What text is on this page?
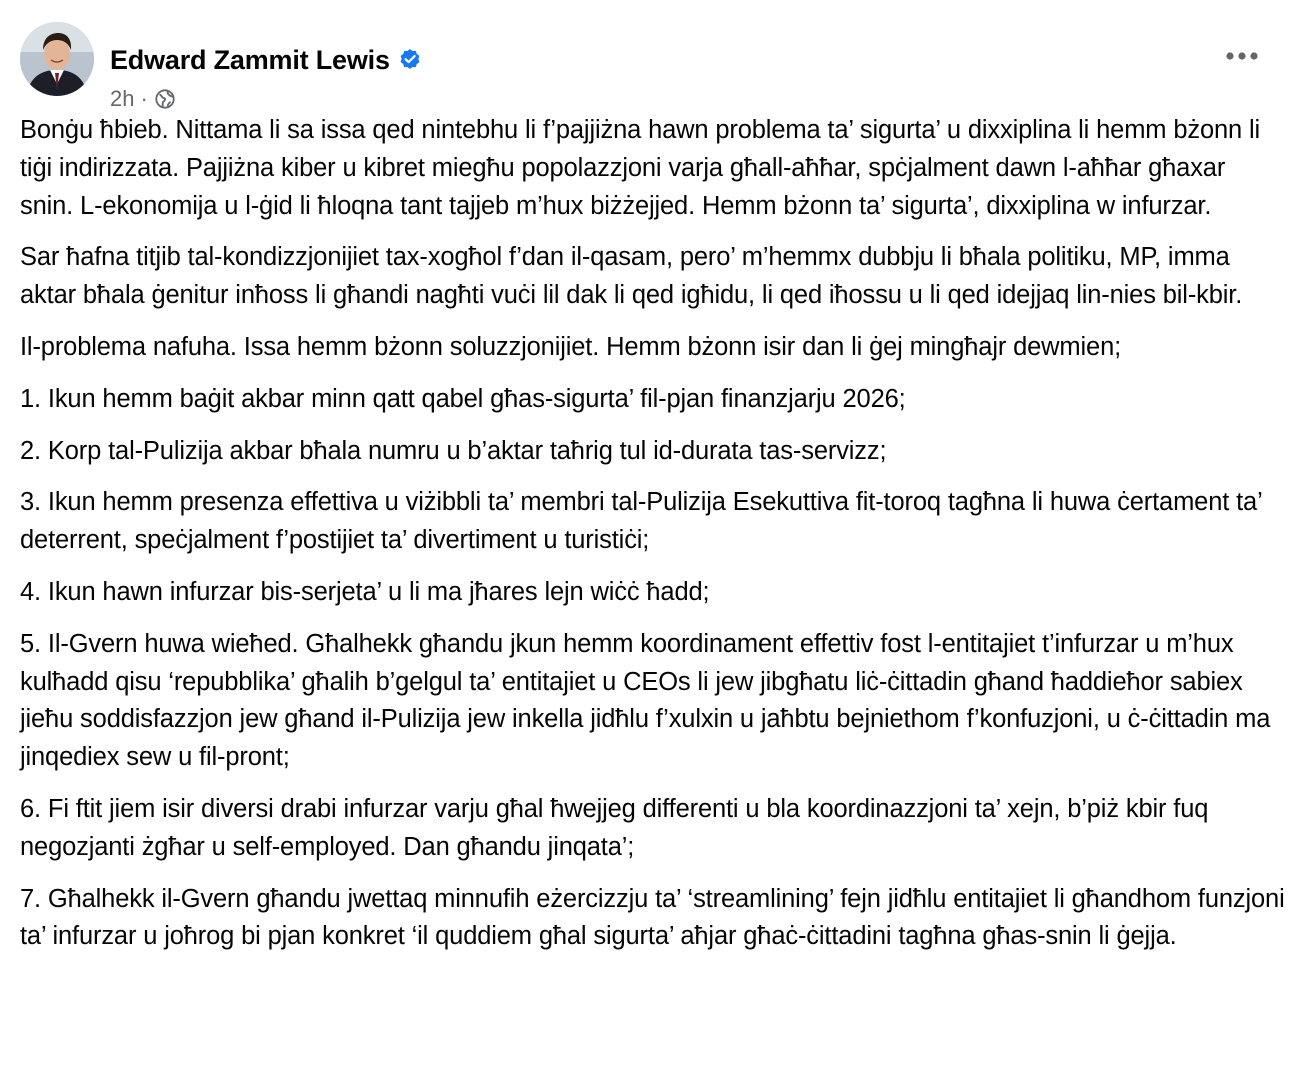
Edward Zammit Lewis
2h ·

Bonġu ħbieb. Nittama li sa issa qed nintebhu li f’pajjiżna hawn problema ta’ sigurta’ u dixxiplina li hemm bżonn li tiġi indirizzata. Pajjiżna kiber u kibret miegħu popolazzjoni varja għall-aħħar, spċjalment dawn l-aħħar għaxar snin. L-ekonomija u l-ġid li ħloqna tant tajjeb m’hux biżżejjed. Hemm bżonn ta’ sigurta’, dixxiplina w infurzar.

Sar ħafna titjib tal-kondizzjonijiet tax-xogħol f’dan il-qasam, pero’ m’hemmx dubbju li bħala politiku, MP, imma aktar bħala ġenitur inħoss li għandi nagħti vuċi lil dak li qed igħidu, li qed iħossu u li qed idejjaq lin-nies bil-kbir.

Il-problema nafuha. Issa hemm bżonn soluzzjonijiet. Hemm bżonn isir dan li ġej mingħajr dewmien;

1. Ikun hemm baġit akbar minn qatt qabel għas-sigurta’ fil-pjan finanzjarju 2026;

2. Korp tal-Pulizija akbar bħala numru u b’aktar taħrig tul id-durata tas-servizz;

3. Ikun hemm presenza effettiva u viżibbli ta’ membri tal-Pulizija Esekuttiva fit-toroq tagħna li huwa ċertament ta’ deterrent, speċjalment f’postijiet ta’ divertiment u turistiċi;

4. Ikun hawn infurzar bis-serjeta’ u li ma jħares lejn wiċċ ħadd;

5. Il-Gvern huwa wieħed. Għalhekk għandu jkun hemm koordinament effettiv fost l-entitajiet t’infurzar u m’hux kulħadd qisu ‘repubblika’ għalih b’gelgul ta’ entitajiet u CEOs li jew jibgħatu liċ-ċittadin għand ħaddieħor sabiex jieħu soddisfazzjon jew għand il-Pulizija jew inkella jidħlu f’xulxin u jaħbtu bejniethom f’konfuzjoni, u ċ-ċittadin ma jinqediex sew u fil-pront;

6. Fi ftit jiem isir diversi drabi infurzar varju għal ħwejjeg differenti u bla koordinazzjoni ta’ xejn, b’piż kbir fuq negozjanti żgħar u self-employed. Dan għandu jinqata’;

7. Għalhekk il-Gvern għandu jwettaq minnufih eżercizzju ta’ ‘streamlining’ fejn jidħlu entitajiet li għandhom funzjoni ta’ infurzar u joħrog bi pjan konkret ‘il quddiem għal sigurta’ aħjar għaċ-ċittadini tagħna għas-snin li ġejja.
